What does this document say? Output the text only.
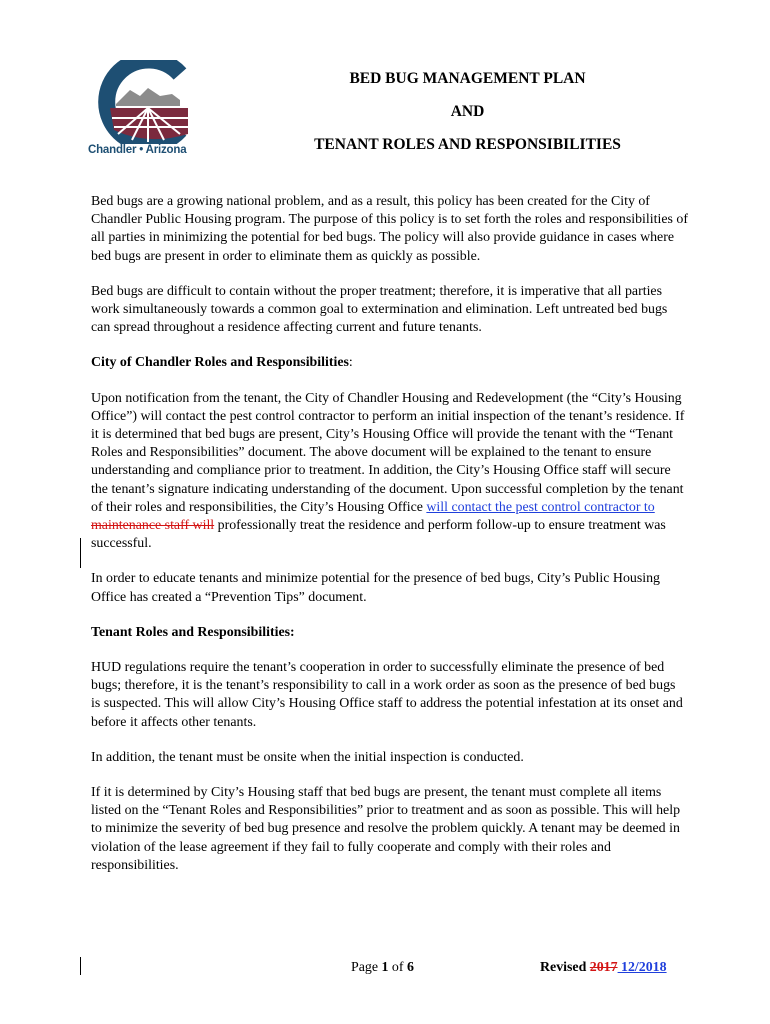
Chandler • Arizona
BED BUG MANAGEMENT PLAN
AND
TENANT ROLES AND RESPONSIBILITIES

Bed bugs are a growing national problem, and as a result, this policy has been created for the City of Chandler Public Housing program. The purpose of this policy is to set forth the roles and responsibilities of all parties in minimizing the potential for bed bugs. The policy will also provide guidance in cases where bed bugs are present in order to eliminate them as quickly as possible.

Bed bugs are difficult to contain without the proper treatment; therefore, it is imperative that all parties work simultaneously towards a common goal to extermination and elimination. Left untreated bed bugs can spread throughout a residence affecting current and future tenants.

City of Chandler Roles and Responsibilities:

Upon notification from the tenant, the City of Chandler Housing and Redevelopment (the “City’s Housing Office”) will contact the pest control contractor to perform an initial inspection of the tenant’s residence. If it is determined that bed bugs are present, City’s Housing Office will provide the tenant with the “Tenant Roles and Responsibilities” document. The above document will be explained to the tenant to ensure understanding and compliance prior to treatment. In addition, the City’s Housing Office staff will secure the tenant’s signature indicating understanding of the document. Upon successful completion by the tenant of their roles and responsibilities, the City’s Housing Office will contact the pest control contractor to maintenance staff will professionally treat the residence and perform follow-up to ensure treatment was successful.

In order to educate tenants and minimize potential for the presence of bed bugs, City’s Public Housing Office has created a “Prevention Tips” document.

Tenant Roles and Responsibilities:

HUD regulations require the tenant’s cooperation in order to successfully eliminate the presence of bed bugs; therefore, it is the tenant’s responsibility to call in a work order as soon as the presence of bed bugs is suspected. This will allow City’s Housing Office staff to address the potential infestation at its onset and before it affects other tenants.

In addition, the tenant must be onsite when the initial inspection is conducted.

If it is determined by City’s Housing staff that bed bugs are present, the tenant must complete all items listed on the “Tenant Roles and Responsibilities” prior to treatment and as soon as possible. This will help to minimize the severity of bed bug presence and resolve the problem quickly. A tenant may be deemed in violation of the lease agreement if they fail to fully cooperate and comply with their roles and responsibilities.

Page 1 of 6	Revised 2017 12/2018
